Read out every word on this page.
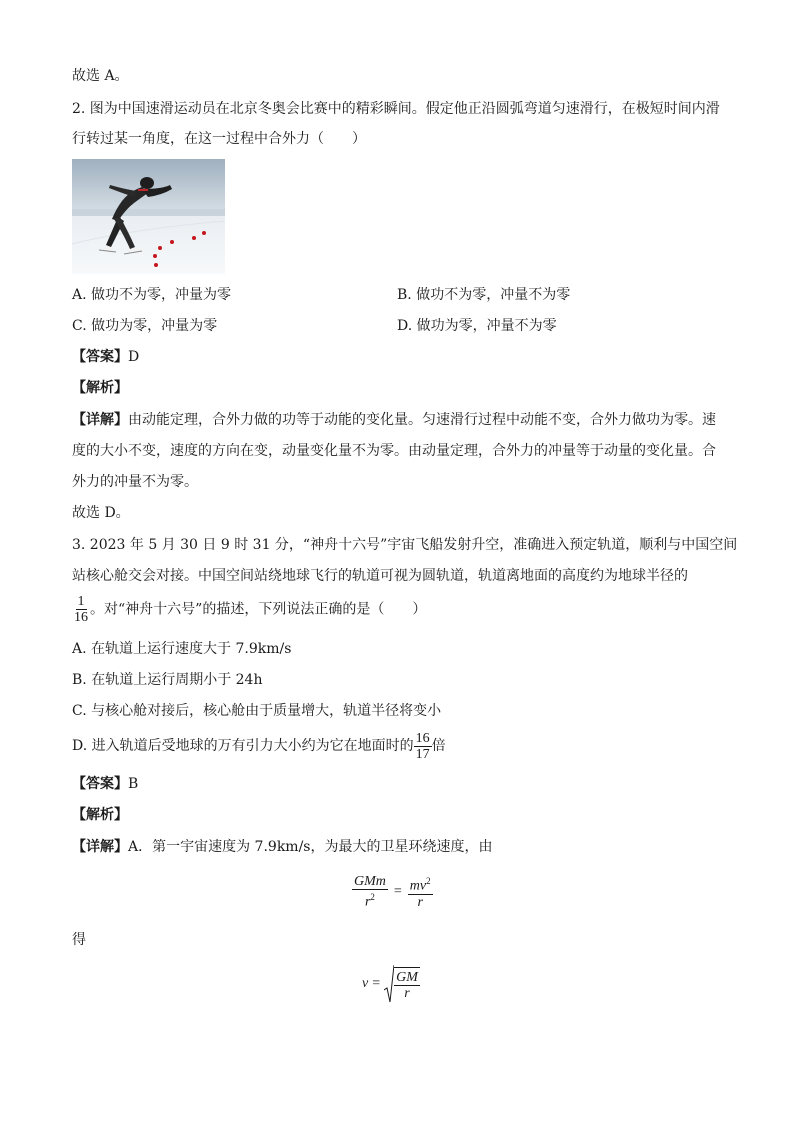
故选 A。
2. 图为中国速滑运动员在北京冬奥会比赛中的精彩瞬间。假定他正沿圆弧弯道匀速滑行，在极短时间内滑
行转过某一角度，在这一过程中合外力（　　）
A. 做功不为零，冲量为零	B. 做功不为零，冲量不为零
C. 做功为零，冲量为零	D. 做功为零，冲量不为零
【答案】D
【解析】
【详解】由动能定理，合外力做的功等于动能的变化量。匀速滑行过程中动能不变，合外力做功为零。速
度的大小不变，速度的方向在变，动量变化量不为零。由动量定理，合外力的冲量等于动量的变化量。合
外力的冲量不为零。
故选 D。
3. 2023 年 5 月 30 日 9 时 31 分，“神舟十六号”宇宙飞船发射升空，准确进入预定轨道，顺利与中国空间
站核心舱交会对接。中国空间站绕地球飞行的轨道可视为圆轨道，轨道离地面的高度约为地球半径的
$\frac{1}{16}$ 。对“神舟十六号”的描述，下列说法正确的是（　　）
A. 在轨道上运行速度大于 7.9km/s
B. 在轨道上运行周期小于 24h
C. 与核心舱对接后，核心舱由于质量增大，轨道半径将变小
D. 进入轨道后受地球的万有引力大小约为它在地面时的 $\frac{16}{17}$ 倍
【答案】B
【解析】
【详解】A．第一宇宙速度为 7.9km/s，为最大的卫星环绕速度，由
$\frac{\text{GMm}}{r^2} = \frac{mv^2}{r}$
得
$v = \frac{GM}{r}$
